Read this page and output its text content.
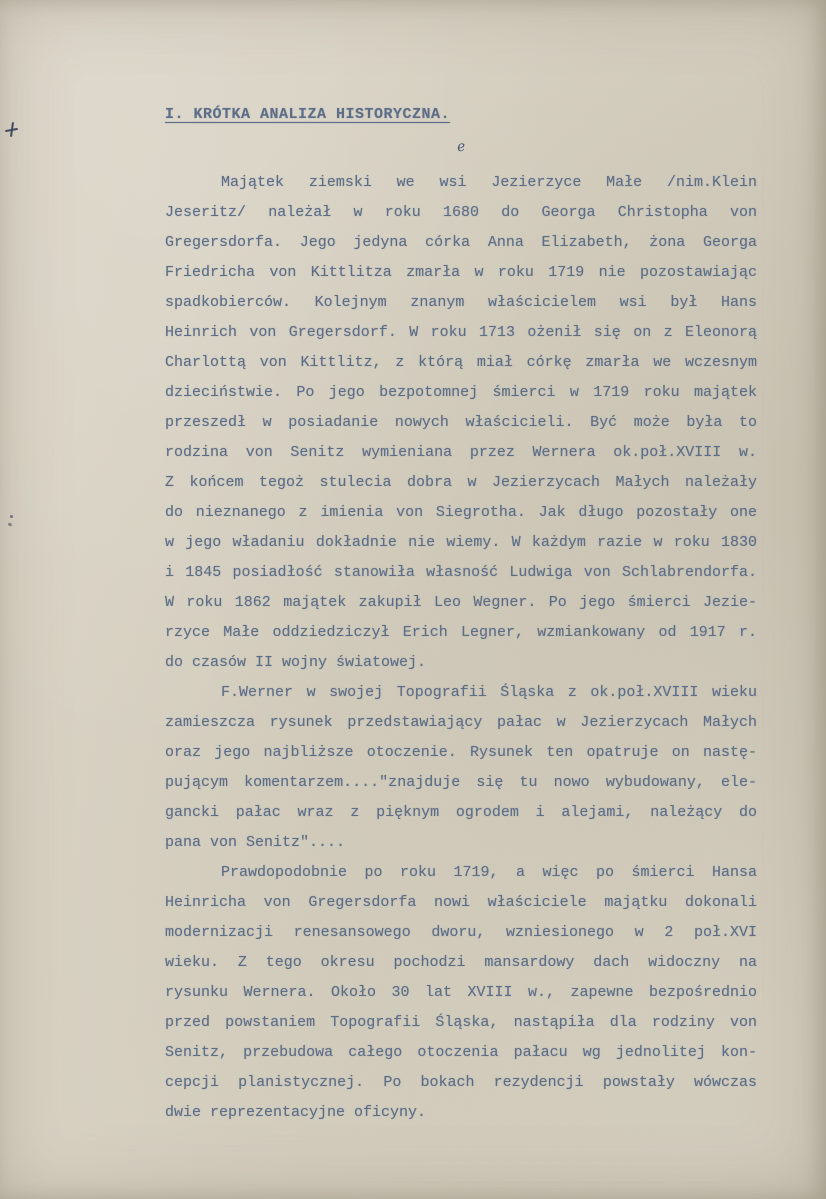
I. KRÓTKA ANALIZA HISTORYCZNA.
e
Majątek ziemski we wsi Jezierzyce Małe /nim.Klein
Jeseritz/ należał w roku 1680 do Georga Christopha von
Gregersdorfa. Jego jedyna córka Anna Elizabeth, żona Georga
Friedricha von Kittlitza zmarła w roku 1719 nie pozostawiając
spadkobierców. Kolejnym znanym właścicielem wsi był Hans
Heinrich von Gregersdorf. W roku 1713 ożenił się on z Eleonorą
Charlottą von Kittlitz, z którą miał córkę zmarła we wczesnym
dzieciństwie. Po jego bezpotomnej śmierci w 1719 roku majątek
przeszedł w posiadanie nowych właścicieli. Być może była to
rodzina von Senitz wymieniana przez Wernera ok.poł.XVIII w.
Z końcem tegoż stulecia dobra w Jezierzycach Małych należały
do nieznanego z imienia von Siegrotha. Jak długo pozostały one
w jego władaniu dokładnie nie wiemy. W każdym razie w roku 1830
i 1845 posiadłość stanowiła własność Ludwiga von Schlabrendorfa.
W roku 1862 majątek zakupił Leo Wegner. Po jego śmierci Jezie-
rzyce Małe oddziedziczył Erich Legner, wzmiankowany od 1917 r.
do czasów II wojny światowej.
F.Werner w swojej Topografii Śląska z ok.poł.XVIII wieku
zamieszcza rysunek przedstawiający pałac w Jezierzycach Małych
oraz jego najbliższe otoczenie. Rysunek ten opatruje on nastę-
pującym komentarzem...."znajduje się tu nowo wybudowany, ele-
gancki pałac wraz z pięknym ogrodem i alejami, należący do
pana von Senitz"....
Prawdopodobnie po roku 1719, a więc po śmierci Hansa
Heinricha von Gregersdorfa nowi właściciele majątku dokonali
modernizacji renesansowego dworu, wzniesionego w 2 poł.XVI
wieku. Z tego okresu pochodzi mansardowy dach widoczny na
rysunku Wernera. Około 30 lat XVIII w., zapewne bezpośrednio
przed powstaniem Topografii Śląska, nastąpiła dla rodziny von
Senitz, przebudowa całego otoczenia pałacu wg jednolitej kon-
cepcji planistycznej. Po bokach rezydencji powstały wówczas
dwie reprezentacyjne oficyny.
